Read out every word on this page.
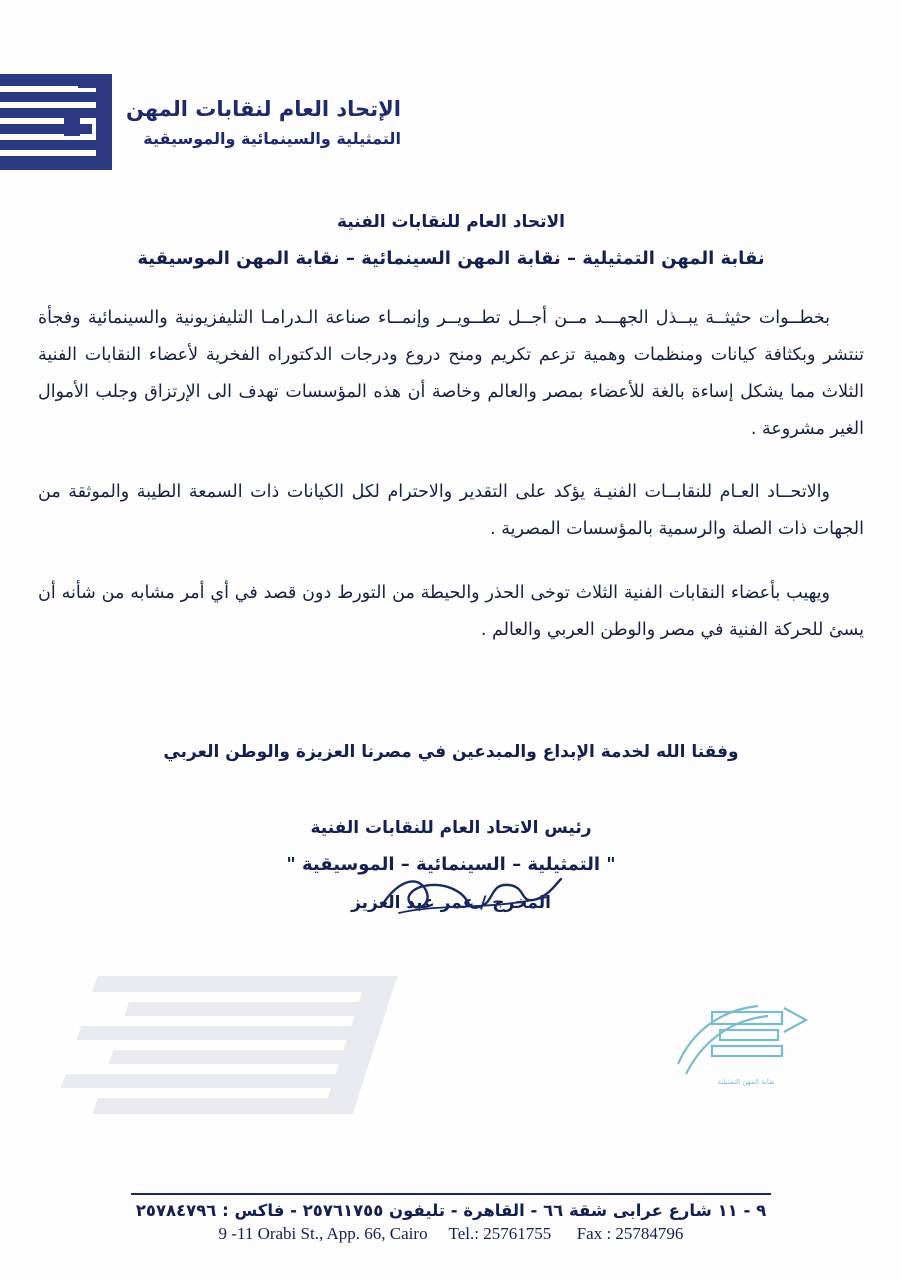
الإتحاد العام لنقابات المهن
التمثيلية والسينمائية والموسيقية
الاتحاد العام للنقابات الفنية
نقابة المهن التمثيلية – نقابة المهن السينمائية – نقابة المهن الموسيقية

بخطــوات حثيثــة يبــذل الجهـــد مــن أجــل تطــويــر وإنمــاء صناعة الـدرامـا التليفزيونية والسينمائية وفجأة تنتشر وبكثافة كيانات ومنظمات وهمية تزعم تكريم ومنح دروع ودرجات الدكتوراه الفخرية لأعضاء النقابات الفنية الثلاث مما يشكل إساءة بالغة للأعضاء بمصر والعالم وخاصة أن هذه المؤسسات تهدف الى الإرتزاق وجلب الأموال الغير مشروعة .

والاتحــاد العـام للنقابــات الفنيـة يؤكد على التقدير والاحترام لكل الكيانات ذات السمعة الطيبة والموثقة من الجهات ذات الصلة والرسمية بالمؤسسات المصرية .

ويهيب بأعضاء النقابات الفنية الثلاث توخى الحذر والحيطة من التورط دون قصد في أي أمر مشابه من شأنه أن يسئ للحركة الفنية في مصر والوطن العربي والعالم .

وفقنا الله لخدمة الإبداع والمبدعين في مصرنا العزيزة والوطن العربي
رئيس الاتحاد العام للنقابات الفنية
" التمثيلية – السينمائية – الموسيقية "
المخرج / عمر عبد العزيز
نقابة المهن التمثيلية
٩ - ١١ شارع عرابى شقة ٦٦ - القاهرة - تليفون ٢٥٧٦١٧٥٥ - فاكس : ٢٥٧٨٤٧٩٦
9 -11 Orabi St., App. 66, Cairo     Tel.: 25761755      Fax : 25784796
